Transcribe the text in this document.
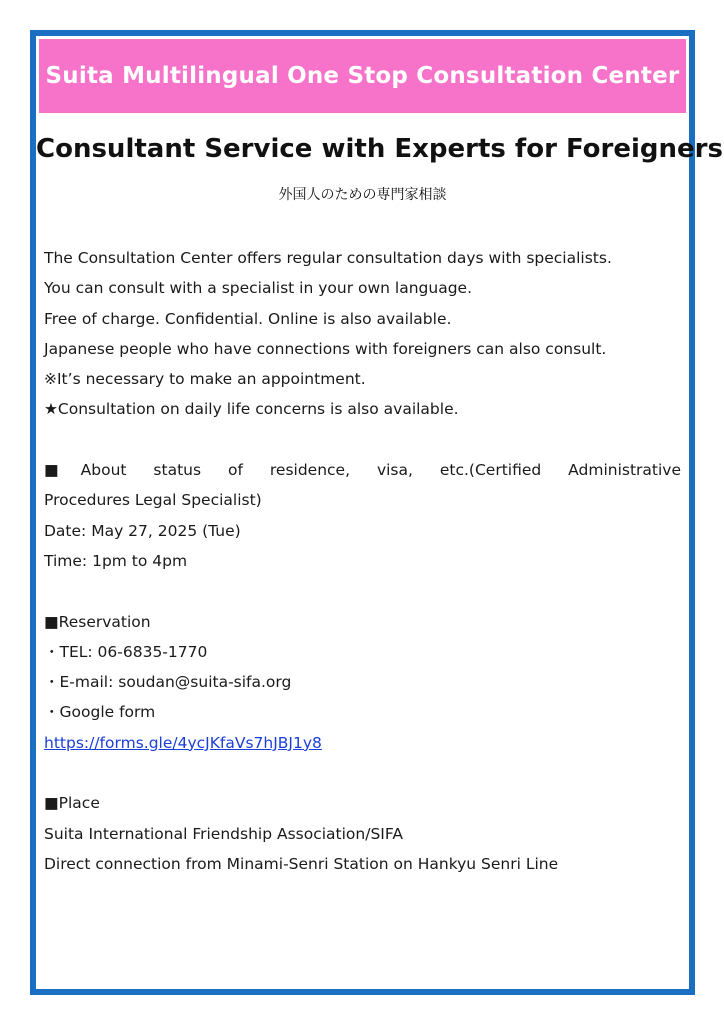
Suita Multilingual One Stop Consultation Center
Consultant Service with Experts for Foreigners
外国人のための専門家相談
The Consultation Center offers regular consultation days with specialists.
You can consult with a specialist in your own language.
Free of charge. Confidential. Online is also available.
Japanese people who have connections with foreigners can also consult.
※It’s necessary to make an appointment.
★Consultation on daily life concerns is also available.
■About status of residence, visa, etc.(Certified Administrative
Procedures Legal Specialist)
Date: May 27, 2025 (Tue)
Time: 1pm to 4pm
■Reservation
・TEL: 06-6835-1770
・E-mail: soudan@suita-sifa.org
・Google form
https://forms.gle/4ycJKfaVs7hJBJ1y8
■Place
Suita International Friendship Association/SIFA
Direct connection from Minami-Senri Station on Hankyu Senri Line
